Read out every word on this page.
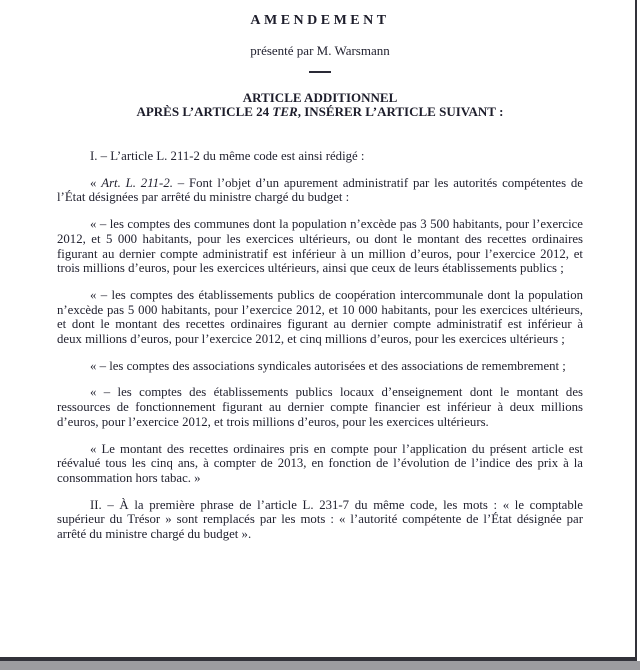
AMENDEMENT

présenté par M. Warsmann

ARTICLE ADDITIONNEL
APRÈS L’ARTICLE 24 TER, INSÉRER L’ARTICLE SUIVANT :

I. – L’article L. 211-2 du même code est ainsi rédigé :

« Art. L. 211-2. – Font l’objet d’un apurement administratif par les autorités compétentes de l’État désignées par arrêté du ministre chargé du budget :

« – les comptes des communes dont la population n’excède pas 3 500 habitants, pour l’exercice 2012, et 5 000 habitants, pour les exercices ultérieurs, ou dont le montant des recettes ordinaires figurant au dernier compte administratif est inférieur à un million d’euros, pour l’exercice 2012, et trois millions d’euros, pour les exercices ultérieurs, ainsi que ceux de leurs établissements publics ;

« – les comptes des établissements publics de coopération intercommunale dont la population n’excède pas 5 000 habitants, pour l’exercice 2012, et 10 000 habitants, pour les exercices ultérieurs, et dont le montant des recettes ordinaires figurant au dernier compte administratif est inférieur à deux millions d’euros, pour l’exercice 2012, et cinq millions d’euros, pour les exercices ultérieurs ;

« – les comptes des associations syndicales autorisées et des associations de remembrement ;

« – les comptes des établissements publics locaux d’enseignement dont le montant des ressources de fonctionnement figurant au dernier compte financier est inférieur à deux millions d’euros, pour l’exercice 2012, et trois millions d’euros, pour les exercices ultérieurs.

« Le montant des recettes ordinaires pris en compte pour l’application du présent article est réévalué tous les cinq ans, à compter de 2013, en fonction de l’évolution de l’indice des prix à la consommation hors tabac. »

II. – À la première phrase de l’article L. 231-7 du même code, les mots : « le comptable supérieur du Trésor » sont remplacés par les mots : « l’autorité compétente de l’État désignée par arrêté du ministre chargé du budget ».
